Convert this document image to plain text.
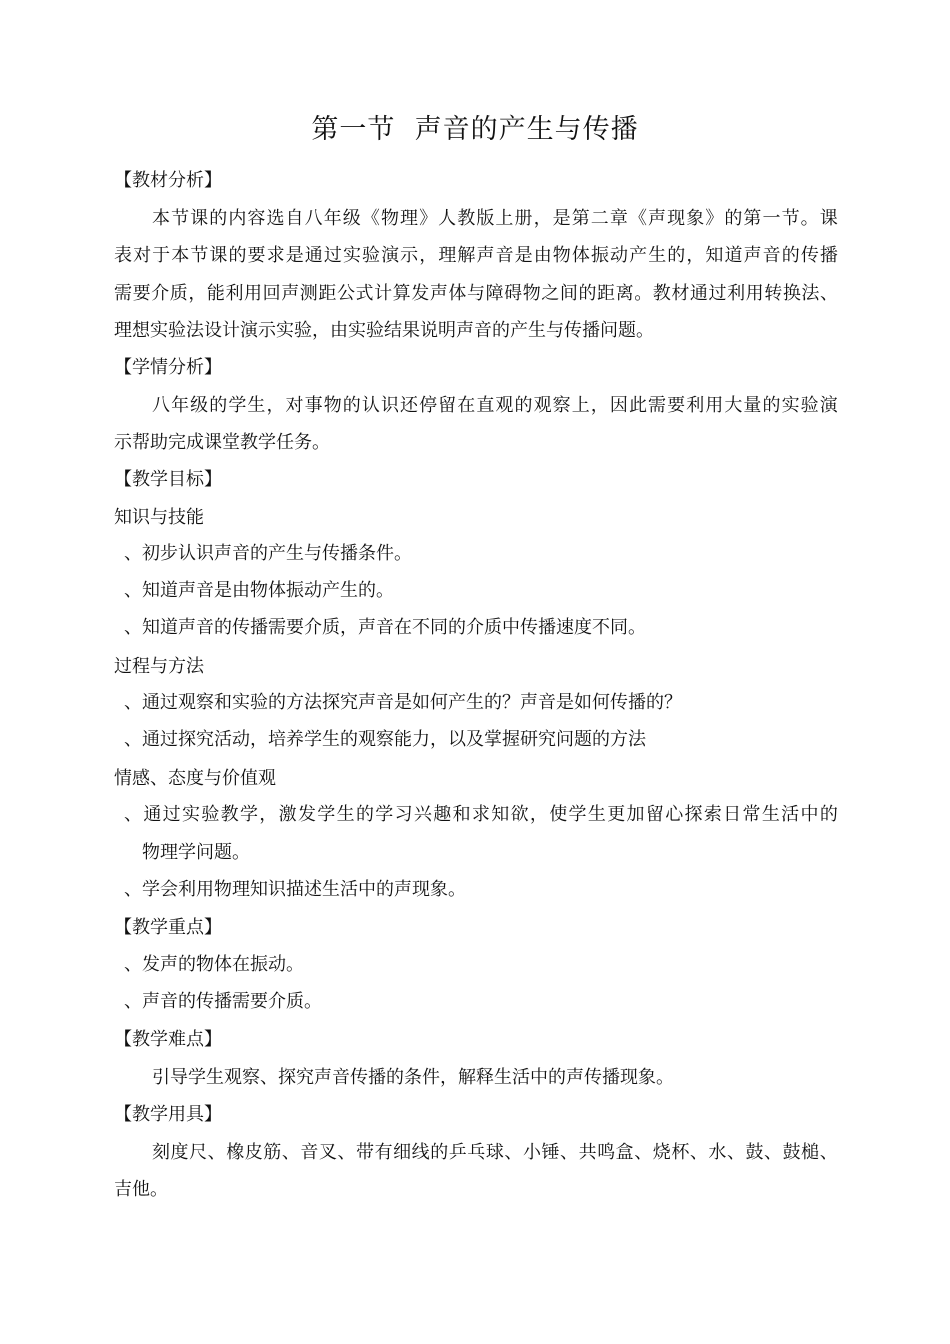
第一节  声音的产生与传播
【教材分析】
本 节 课 的 内 容 选 自 八 年 级 《 物 理 》 人 教 版 上 册 ， 是 第 二 章 《 声 现 象 》 的 第 一 节 。 课
表 对 于 本 节 课 的 要 求 是 通 过 实 验 演 示 ， 理 解 声 音 是 由 物 体 振 动 产 生 的 ， 知 道 声 音 的 传 播
需 要 介 质 ， 能 利 用 回 声 测 距 公 式 计 算 发 声 体 与 障 碍 物 之 间 的 距 离 。 教 材 通 过 利 用 转 换 法 、
理想实验法设计演示实验，由实验结果说明声音的产生与传播问题。
【学情分析】
八 年 级 的 学 生 ， 对 事 物 的 认 识 还 停 留 在 直 观 的 观 察 上 ， 因 此 需 要 利 用 大 量 的 实 验 演
示帮助完成课堂教学任务。
【教学目标】
知识与技能
、初步认识声音的产生与传播条件。
、知道声音是由物体振动产生的。
、知道声音的传播需要介质，声音在不同的介质中传播速度不同。
过程与方法
、通过观察和实验的方法探究声音是如何产生的？声音是如何传播的？
、通过探究活动，培养学生的观察能力，以及掌握研究问题的方法
情感、态度与价值观
、 通 过 实 验 教 学 ， 激 发 学 生 的 学 习 兴 趣 和 求 知 欲 ， 使 学 生 更 加 留 心 探 索 日 常 生 活 中 的
物理学问题。
、学会利用物理知识描述生活中的声现象。
【教学重点】
、发声的物体在振动。
、声音的传播需要介质。
【教学难点】
引导学生观察、探究声音传播的条件，解释生活中的声传播现象。
【教学用具】
刻 度 尺 、 橡 皮 筋 、 音 叉 、 带 有 细 线 的 乒 乓 球 、 小 锤 、 共 鸣 盒 、 烧 杯 、 水 、 鼓 、 鼓 槌 、
吉他。
